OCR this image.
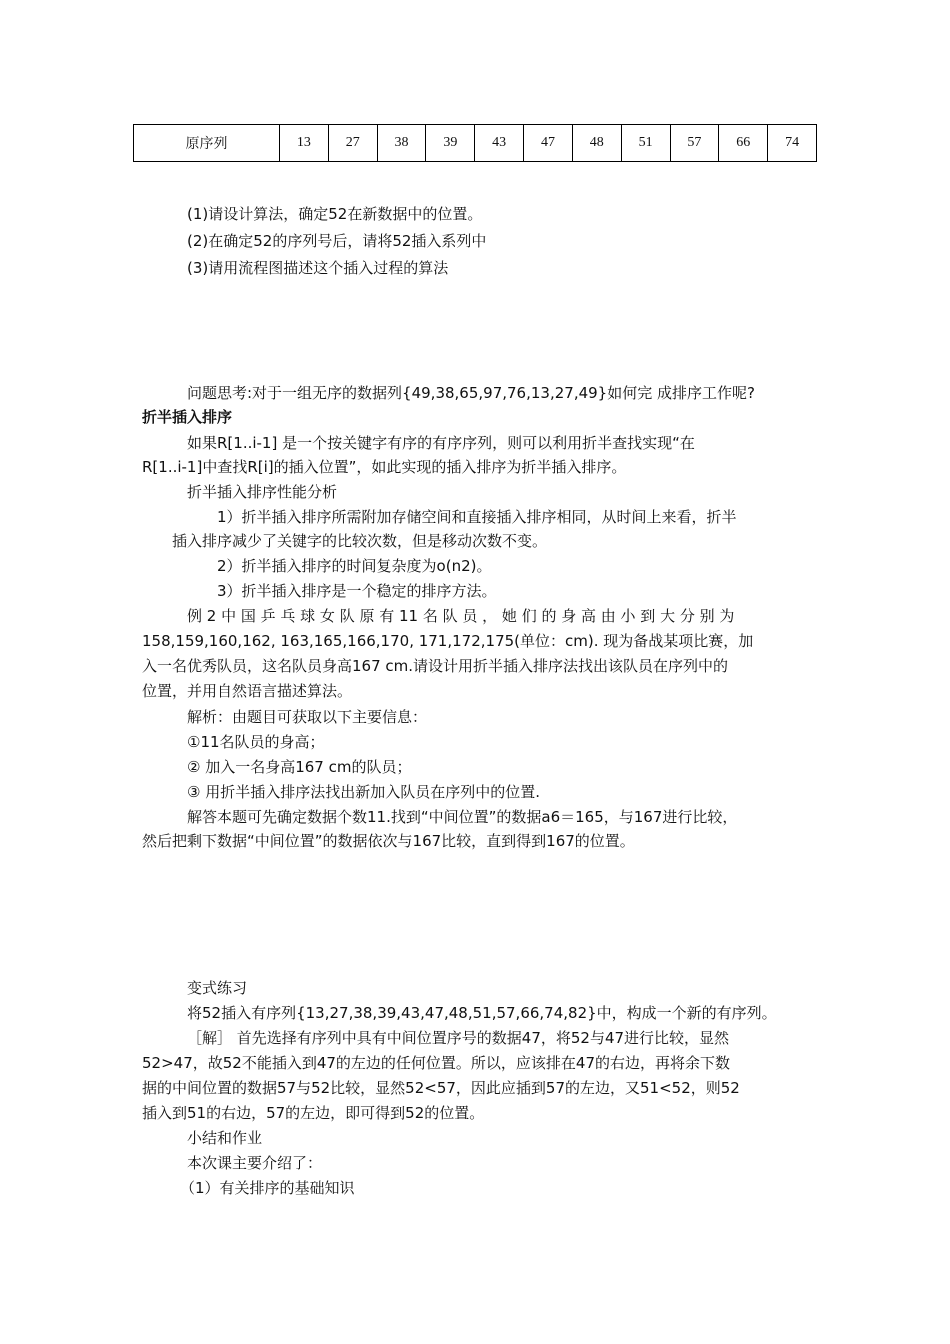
原序列	13	27	38	39	43	47	48	51	57	66	74
(1)请设计算法，确定52在新数据中的位置。
(2)在确定52的序列号后，请将52插入系列中
(3)请用流程图描述这个插入过程的算法
问题思考:对于一组无序的数据列{49,38,65,97,76,13,27,49}如何完 成排序工作呢?
折半插入排序
如果R[1..i-1] 是一个按关键字有序的有序序列，则可以利用折半查找实现“在
R[1..i-1]中查找R[i]的插入位置”，如此实现的插入排序为折半插入排序。
折半插入排序性能分析
1）折半插入排序所需附加存储空间和直接插入排序相同，从时间上来看，折半
插入排序减少了关键字的比较次数，但是移动次数不变。
2）折半插入排序的时间复杂度为o(n2)。
3）折半插入排序是一个稳定的排序方法。
例 2 中 国 乒 乓 球 女 队 原 有 11 名 队 员 ， 她 们 的 身 高 由 小 到 大 分 别 为
158,159,160,162, 163,165,166,170, 171,172,175(单位：cm). 现为备战某项比赛，加
入一名优秀队员，这名队员身高167 cm.请设计用折半插入排序法找出该队员在序列中的
位置，并用自然语言描述算法。
解析：由题目可获取以下主要信息：
①11名队员的身高；
② 加入一名身高167 cm的队员；
③ 用折半插入排序法找出新加入队员在序列中的位置.
解答本题可先确定数据个数11.找到“中间位置”的数据a6＝165，与167进行比较，
然后把剩下数据“中间位置”的数据依次与167比较，直到得到167的位置。
变式练习
将52插入有序列{13,27,38,39,43,47,48,51,57,66,74,82}中，构成一个新的有序列。
［解］ 首先选择有序列中具有中间位置序号的数据47，将52与47进行比较，显然
52>47，故52不能插入到47的左边的任何位置。所以，应该排在47的右边，再将余下数
据的中间位置的数据57与52比较，显然52<57，因此应插到57的左边，又51<52，则52
插入到51的右边，57的左边，即可得到52的位置。
小结和作业
本次课主要介绍了：
（1）有关排序的基础知识
